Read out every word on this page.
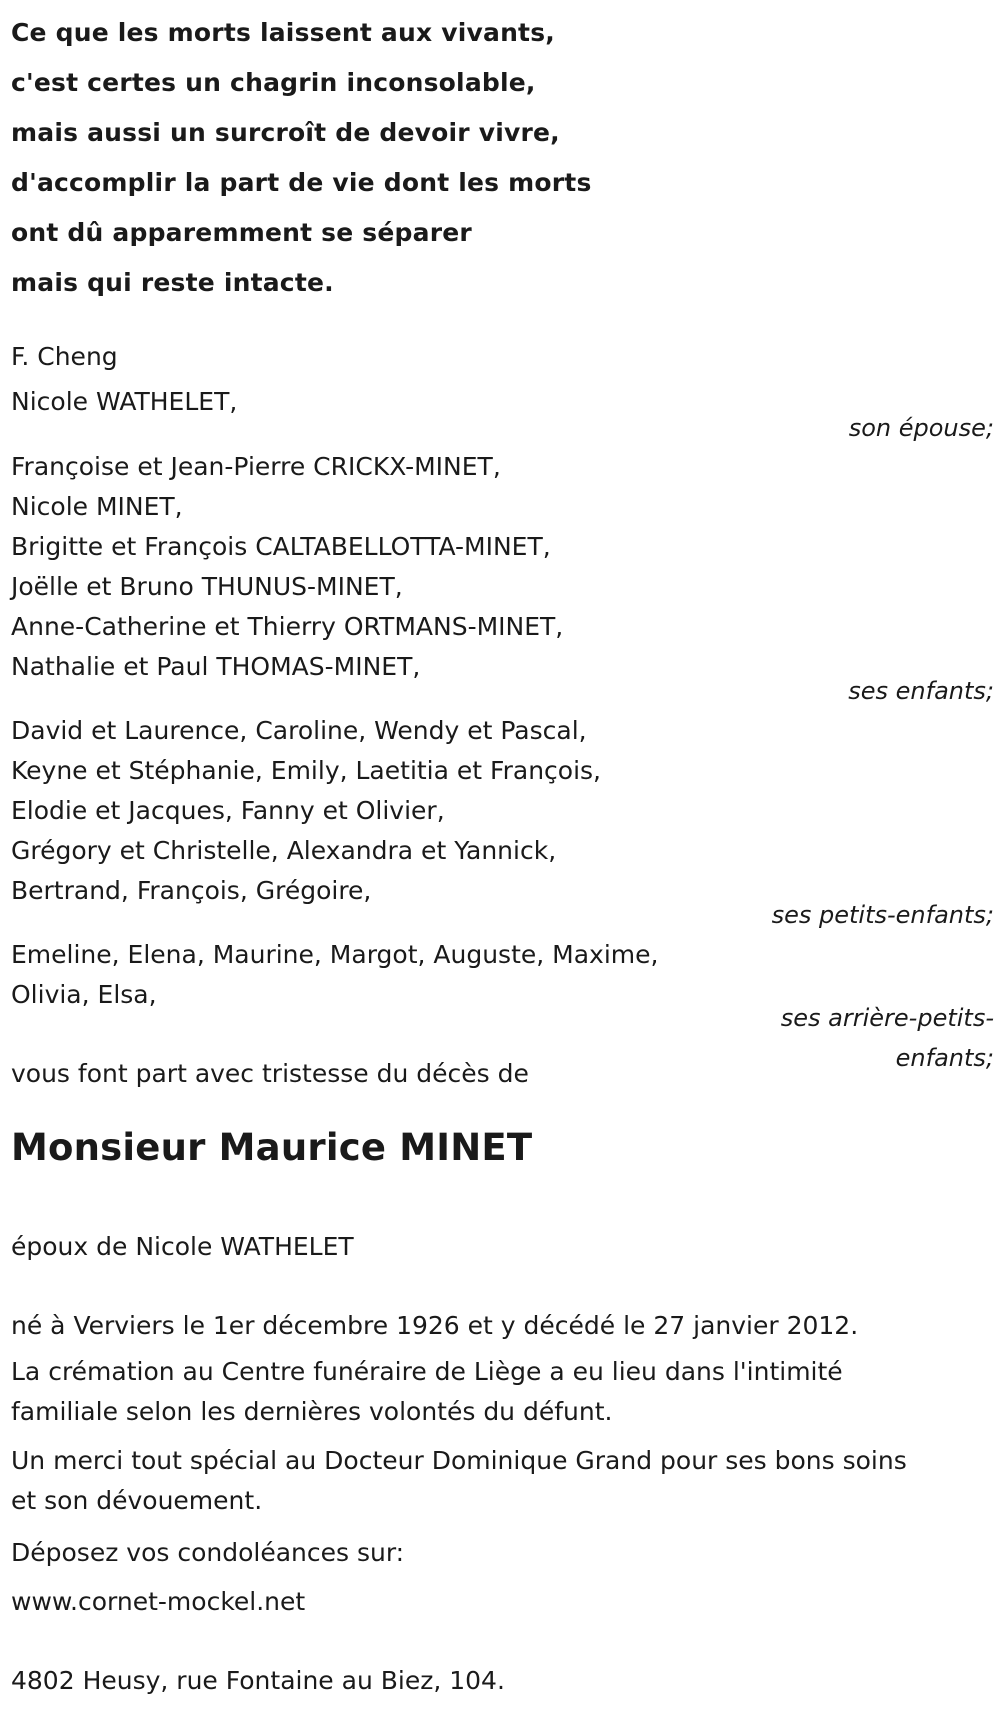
Ce que les morts laissent aux vivants,
c'est certes un chagrin inconsolable,
mais aussi un surcroît de devoir vivre,
d'accomplir la part de vie dont les morts
ont dû apparemment se séparer
mais qui reste intacte.
F. Cheng
Nicole WATHELET,
son épouse;
Françoise et Jean-Pierre CRICKX-MINET,
Nicole MINET,
Brigitte et François CALTABELLOTTA-MINET,
Joëlle et Bruno THUNUS-MINET,
Anne-Catherine et Thierry ORTMANS-MINET,
Nathalie et Paul THOMAS-MINET,
ses enfants;
David et Laurence, Caroline, Wendy et Pascal,
Keyne et Stéphanie, Emily, Laetitia et François,
Elodie et Jacques, Fanny et Olivier,
Grégory et Christelle, Alexandra et Yannick,
Bertrand, François, Grégoire,
ses petits-enfants;
Emeline, Elena, Maurine, Margot, Auguste, Maxime,
Olivia, Elsa,
ses arrière-petits-
enfants;
vous font part avec tristesse du décès de
Monsieur Maurice MINET
époux de Nicole WATHELET
né à Verviers le 1er décembre 1926 et y décédé le 27 janvier 2012.
La crémation au Centre funéraire de Liège a eu lieu dans l'intimité
familiale selon les dernières volontés du défunt.
Un merci tout spécial au Docteur Dominique Grand pour ses bons soins
et son dévouement.
Déposez vos condoléances sur:
www.cornet-mockel.net
4802 Heusy, rue Fontaine au Biez, 104.
